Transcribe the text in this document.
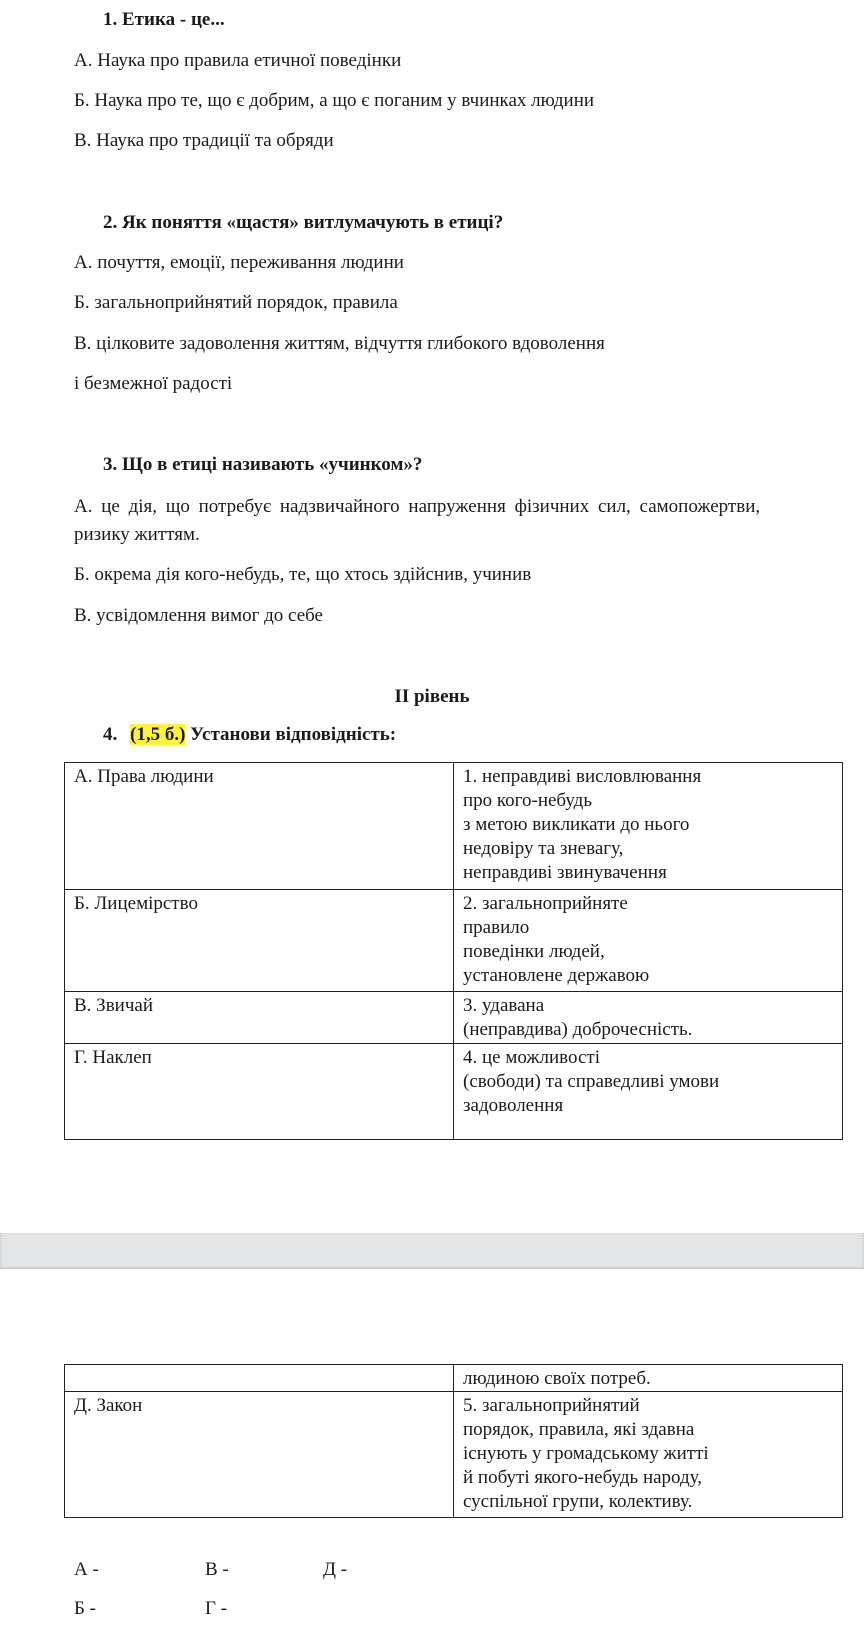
1. Етика - це...
А. Наука про правила етичної поведінки
Б. Наука про те, що є добрим, а що є поганим у вчинках людини
В. Наука про традиції та обряди
2. Як поняття «щастя» витлумачують в етиці?
А. почуття, емоції, переживання людини
Б. загальноприйнятий порядок, правила
В. цілковите задоволення життям, відчуття глибокого вдоволення
і безмежної радості
3. Що в етиці називають «учинком»?
А. це дія, що потребує надзвичайного напруження фізичних сил, самопожертви,
ризику життям.
Б. окрема дія кого-небудь, те, що хтось здійснив, учинив
В. усвідомлення вимог до себе
ІІ рівень
4. (1,5 б.) Установи відповідність:
А. Права людини	1. неправдиві висловлювання
про кого-небудь
з метою викликати до нього
недовіру та зневагу,
неправдиві звинувачення

Б. Лицемірство	2. загальноприйняте
правило
поведінки людей,
установлене державою

В. Звичай	3. удавана
(неправдива) доброчесність.

Г. Наклеп	4. це можливості
(свободи) та справедливі умови
задоволення

	людиною своїх потреб.

Д. Закон	5. загальноприйнятий
порядок, правила, які здавна
існують у громадському житті
й побуті якого-небудь народу,
суспільної групи, колективу.
А -	В -	Д -
Б -	Г -
